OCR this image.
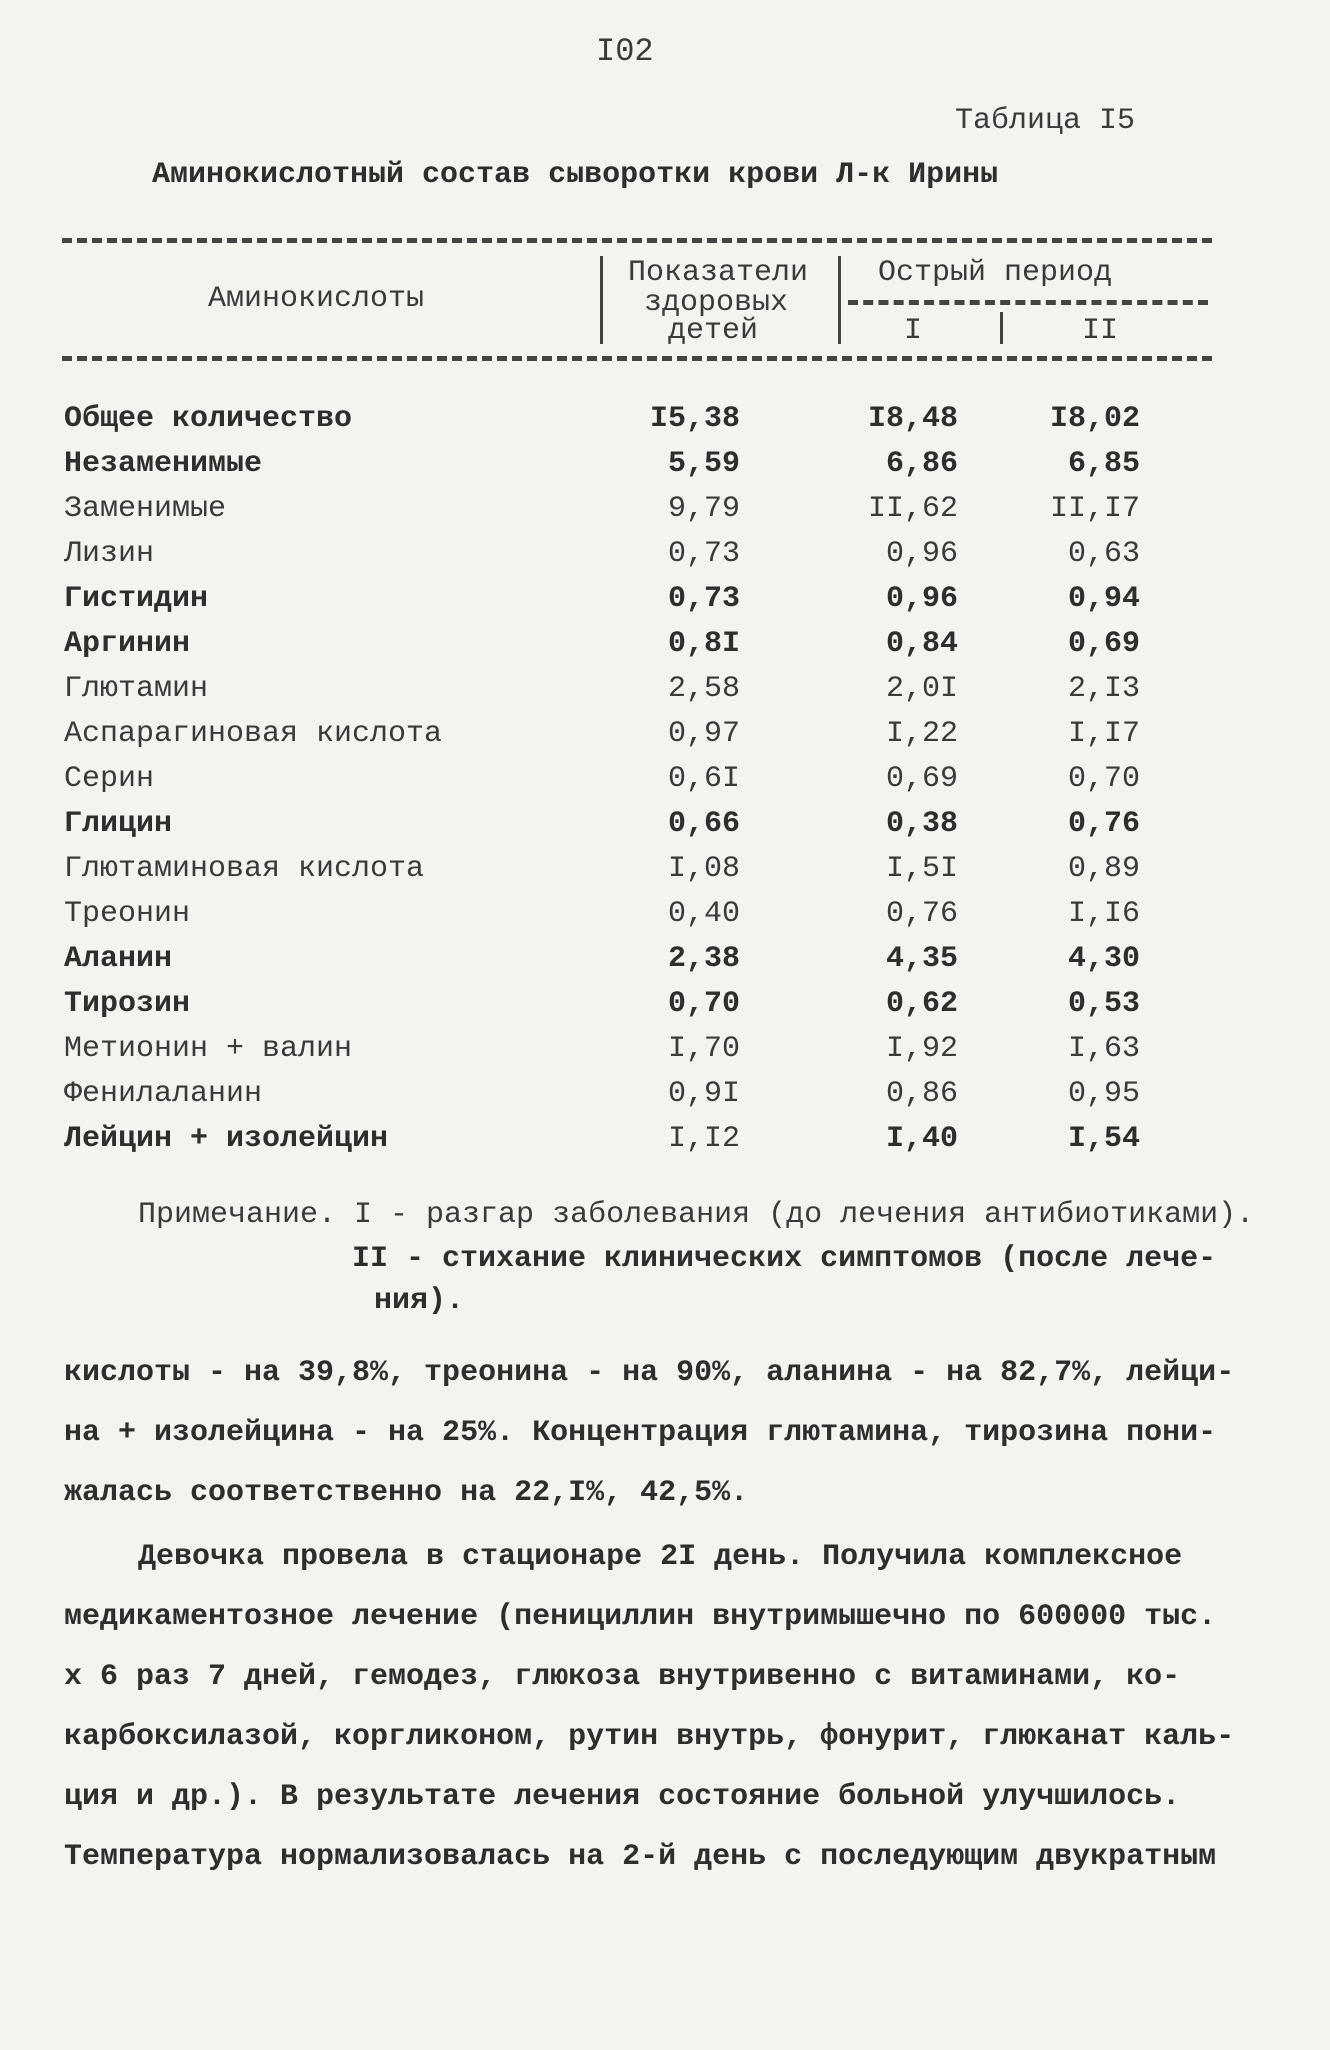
I02
Таблица I5
Аминокислотный состав сыворотки крови Л-к Ирины
Аминокислоты
Показатели
здоровых
детей
Острый период
I	II
Общее количество	I5,38	I8,48	I8,02
Незаменимые	5,59	6,86	6,85
Заменимые	9,79	II,62	II,I7
Лизин	0,73	0,96	0,63
Гистидин	0,73	0,96	0,94
Аргинин	0,8I	0,84	0,69
Глютамин	2,58	2,0I	2,I3
Аспарагиновая кислота	0,97	I,22	I,I7
Серин	0,6I	0,69	0,70
Глицин	0,66	0,38	0,76
Глютаминовая кислота	I,08	I,5I	0,89
Треонин	0,40	0,76	I,I6
Аланин	2,38	4,35	4,30
Тирозин	0,70	0,62	0,53
Метионин + валин	I,70	I,92	I,63
Фенилаланин	0,9I	0,86	0,95
Лейцин + изолейцин	I,I2	I,40	I,54
Примечание. I - разгар заболевания (до лечения антибиотиками).
II - стихание клинических симптомов (после лече-
ния).
кислоты - на 39,8%, треонина - на 90%, аланина - на 82,7%, лейци-
на + изолейцина - на 25%. Концентрация глютамина, тирозина пони-
жалась соответственно на 22,I%, 42,5%.
Девочка провела в стационаре 2I день. Получила комплексное
медикаментозное лечение (пенициллин внутримышечно по 600000 тыс.
х 6 раз 7 дней, гемодез, глюкоза внутривенно с витаминами, ко-
карбоксилазой, коргликоном, рутин внутрь, фонурит, глюканат каль-
ция и др.). В результате лечения состояние больной улучшилось.
Температура нормализовалась на 2-й день с последующим двукратным
